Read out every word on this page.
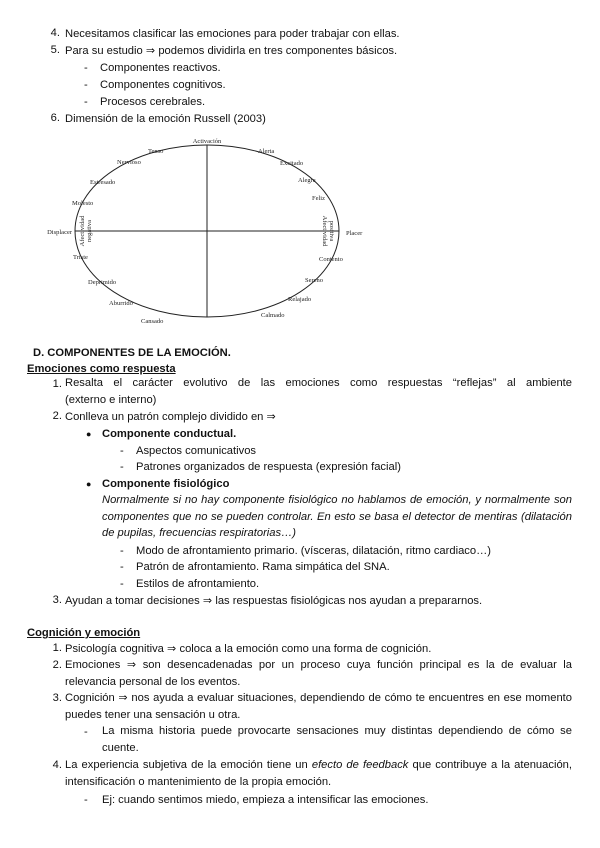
4. Necesitamos clasificar las emociones para poder trabajar con ellas.
5. Para su estudio ⇒ podemos dividirla en tres componentes básicos.
- Componentes reactivos.
- Componentes cognitivos.
- Procesos cerebrales.
6. Dimensión de la emoción Russell (2003)
Activación
Displacer	Placer
Afectividad negativa	Afectividad positiva
Tenso
Nervioso
Estresado
Molesto
Triste
Deprimido
Aburrido
Cansado
Calmado
Relajado
Sereno
Contento
Feliz
Alegre
Excitado
Alerta
D. COMPONENTES DE LA EMOCIÓN.
Emociones como respuesta
1. Resalta el carácter evolutivo de las emociones como respuestas “reflejas” al ambiente
(externo e interno)
2. Conlleva un patrón complejo dividido en ⇒
● Componente conductual.
- Aspectos comunicativos
- Patrones organizados de respuesta (expresión facial)
● Componente fisiológico
Normalmente si no hay componente fisiológico no hablamos de emoción, y normalmente son componentes que no se pueden controlar. En esto se basa el detector de mentiras (dilatación de pupilas, frecuencias respiratorias…)
- Modo de afrontamiento primario. (vísceras, dilatación, ritmo cardiaco…)
- Patrón de afrontamiento. Rama simpática del SNA.
- Estilos de afrontamiento.
3. Ayudan a tomar decisiones ⇒ las respuestas fisiológicas nos ayudan a prepararnos.
Cognición y emoción
1. Psicología cognitiva ⇒ coloca a la emoción como una forma de cognición.
2. Emociones ⇒ son desencadenadas por un proceso cuya función principal es la de evaluar la relevancia personal de los eventos.
3. Cognición ⇒ nos ayuda a evaluar situaciones, dependiendo de cómo te encuentres en ese momento puedes tener una sensación u otra.
- La misma historia puede provocarte sensaciones muy distintas dependiendo de cómo se cuente.
4. La experiencia subjetiva de la emoción tiene un efecto de feedback que contribuye a la atenuación, intensificación o mantenimiento de la propia emoción.
- Ej: cuando sentimos miedo, empieza a intensificar las emociones.
